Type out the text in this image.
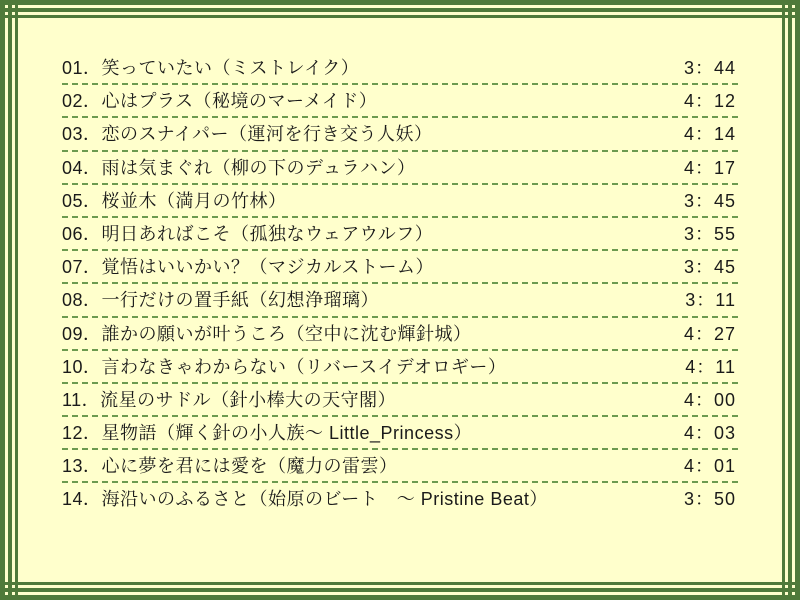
01．笑っていたい（ミストレイク）	3：44
02．心はプラス（秘境のマーメイド）	4：12
03．恋のスナイパー（運河を行き交う人妖）	4：14
04．雨は気まぐれ（柳の下のデュラハン）	4：17
05．桜並木（満月の竹林）	3：45
06．明日あればこそ（孤独なウェアウルフ）	3：55
07．覚悟はいいかい？（マジカルストーム）	3：45
08．一行だけの置手紙（幻想浄瑠璃）	3：11
09．誰かの願いが叶うころ（空中に沈む輝針城）	4：27
10．言わなきゃわからない（リバースイデオロギー）	4：11
11．流星のサドル（針小棒大の天守閣）	4：00
12．星物語（輝く針の小人族〜 Little_Princess）	4：03
13．心に夢を君には愛を（魔力の雷雲）	4：01
14．海沿いのふるさと（始原のビート　〜 Pristine Beat）	3：50
